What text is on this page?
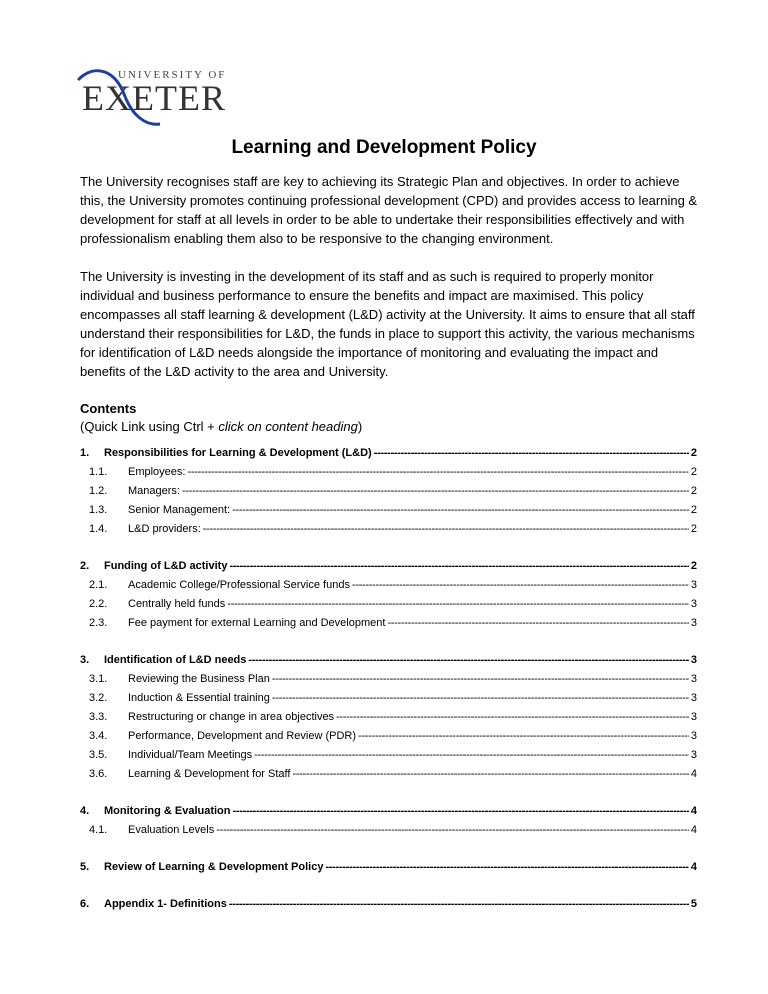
UNIVERSITY OF
EXETER
Learning and Development Policy
The University recognises staff are key to achieving its Strategic Plan and objectives. In order to achieve this, the University promotes continuing professional development (CPD) and provides access to learning & development for staff at all levels in order to be able to undertake their responsibilities effectively and with professionalism enabling them also to be responsive to the changing environment.
The University is investing in the development of its staff and as such is required to properly monitor individual and business performance to ensure the benefits and impact are maximised. This policy encompasses all staff learning & development (L&D) activity at the University. It aims to ensure that all staff understand their responsibilities for L&D, the funds in place to support this activity, the various mechanisms for identification of L&D needs alongside the importance of monitoring and evaluating the impact and benefits of the L&D activity to the area and University.
Contents
(Quick Link using Ctrl + click on content heading)
1.	Responsibilities for Learning & Development (L&D) -----	2
1.1.	Employees: -----	2
1.2.	Managers: -----	2
1.3.	Senior Management: -----	2
1.4.	L&D providers: -----	2
2.	Funding of L&D activity -----	2
2.1.	Academic College/Professional Service funds -----	3
2.2.	Centrally held funds -----	3
2.3.	Fee payment for external Learning and Development -----	3
3.	Identification of L&D needs -----	3
3.1.	Reviewing the Business Plan -----	3
3.2.	Induction & Essential training -----	3
3.3.	Restructuring or change in area objectives -----	3
3.4.	Performance, Development and Review (PDR) -----	3
3.5.	Individual/Team Meetings -----	3
3.6.	Learning & Development for Staff -----	4
4.	Monitoring & Evaluation -----	4
4.1.	Evaluation Levels -----	4
5.	Review of Learning & Development Policy -----	4
6.	Appendix 1- Definitions -----	5
